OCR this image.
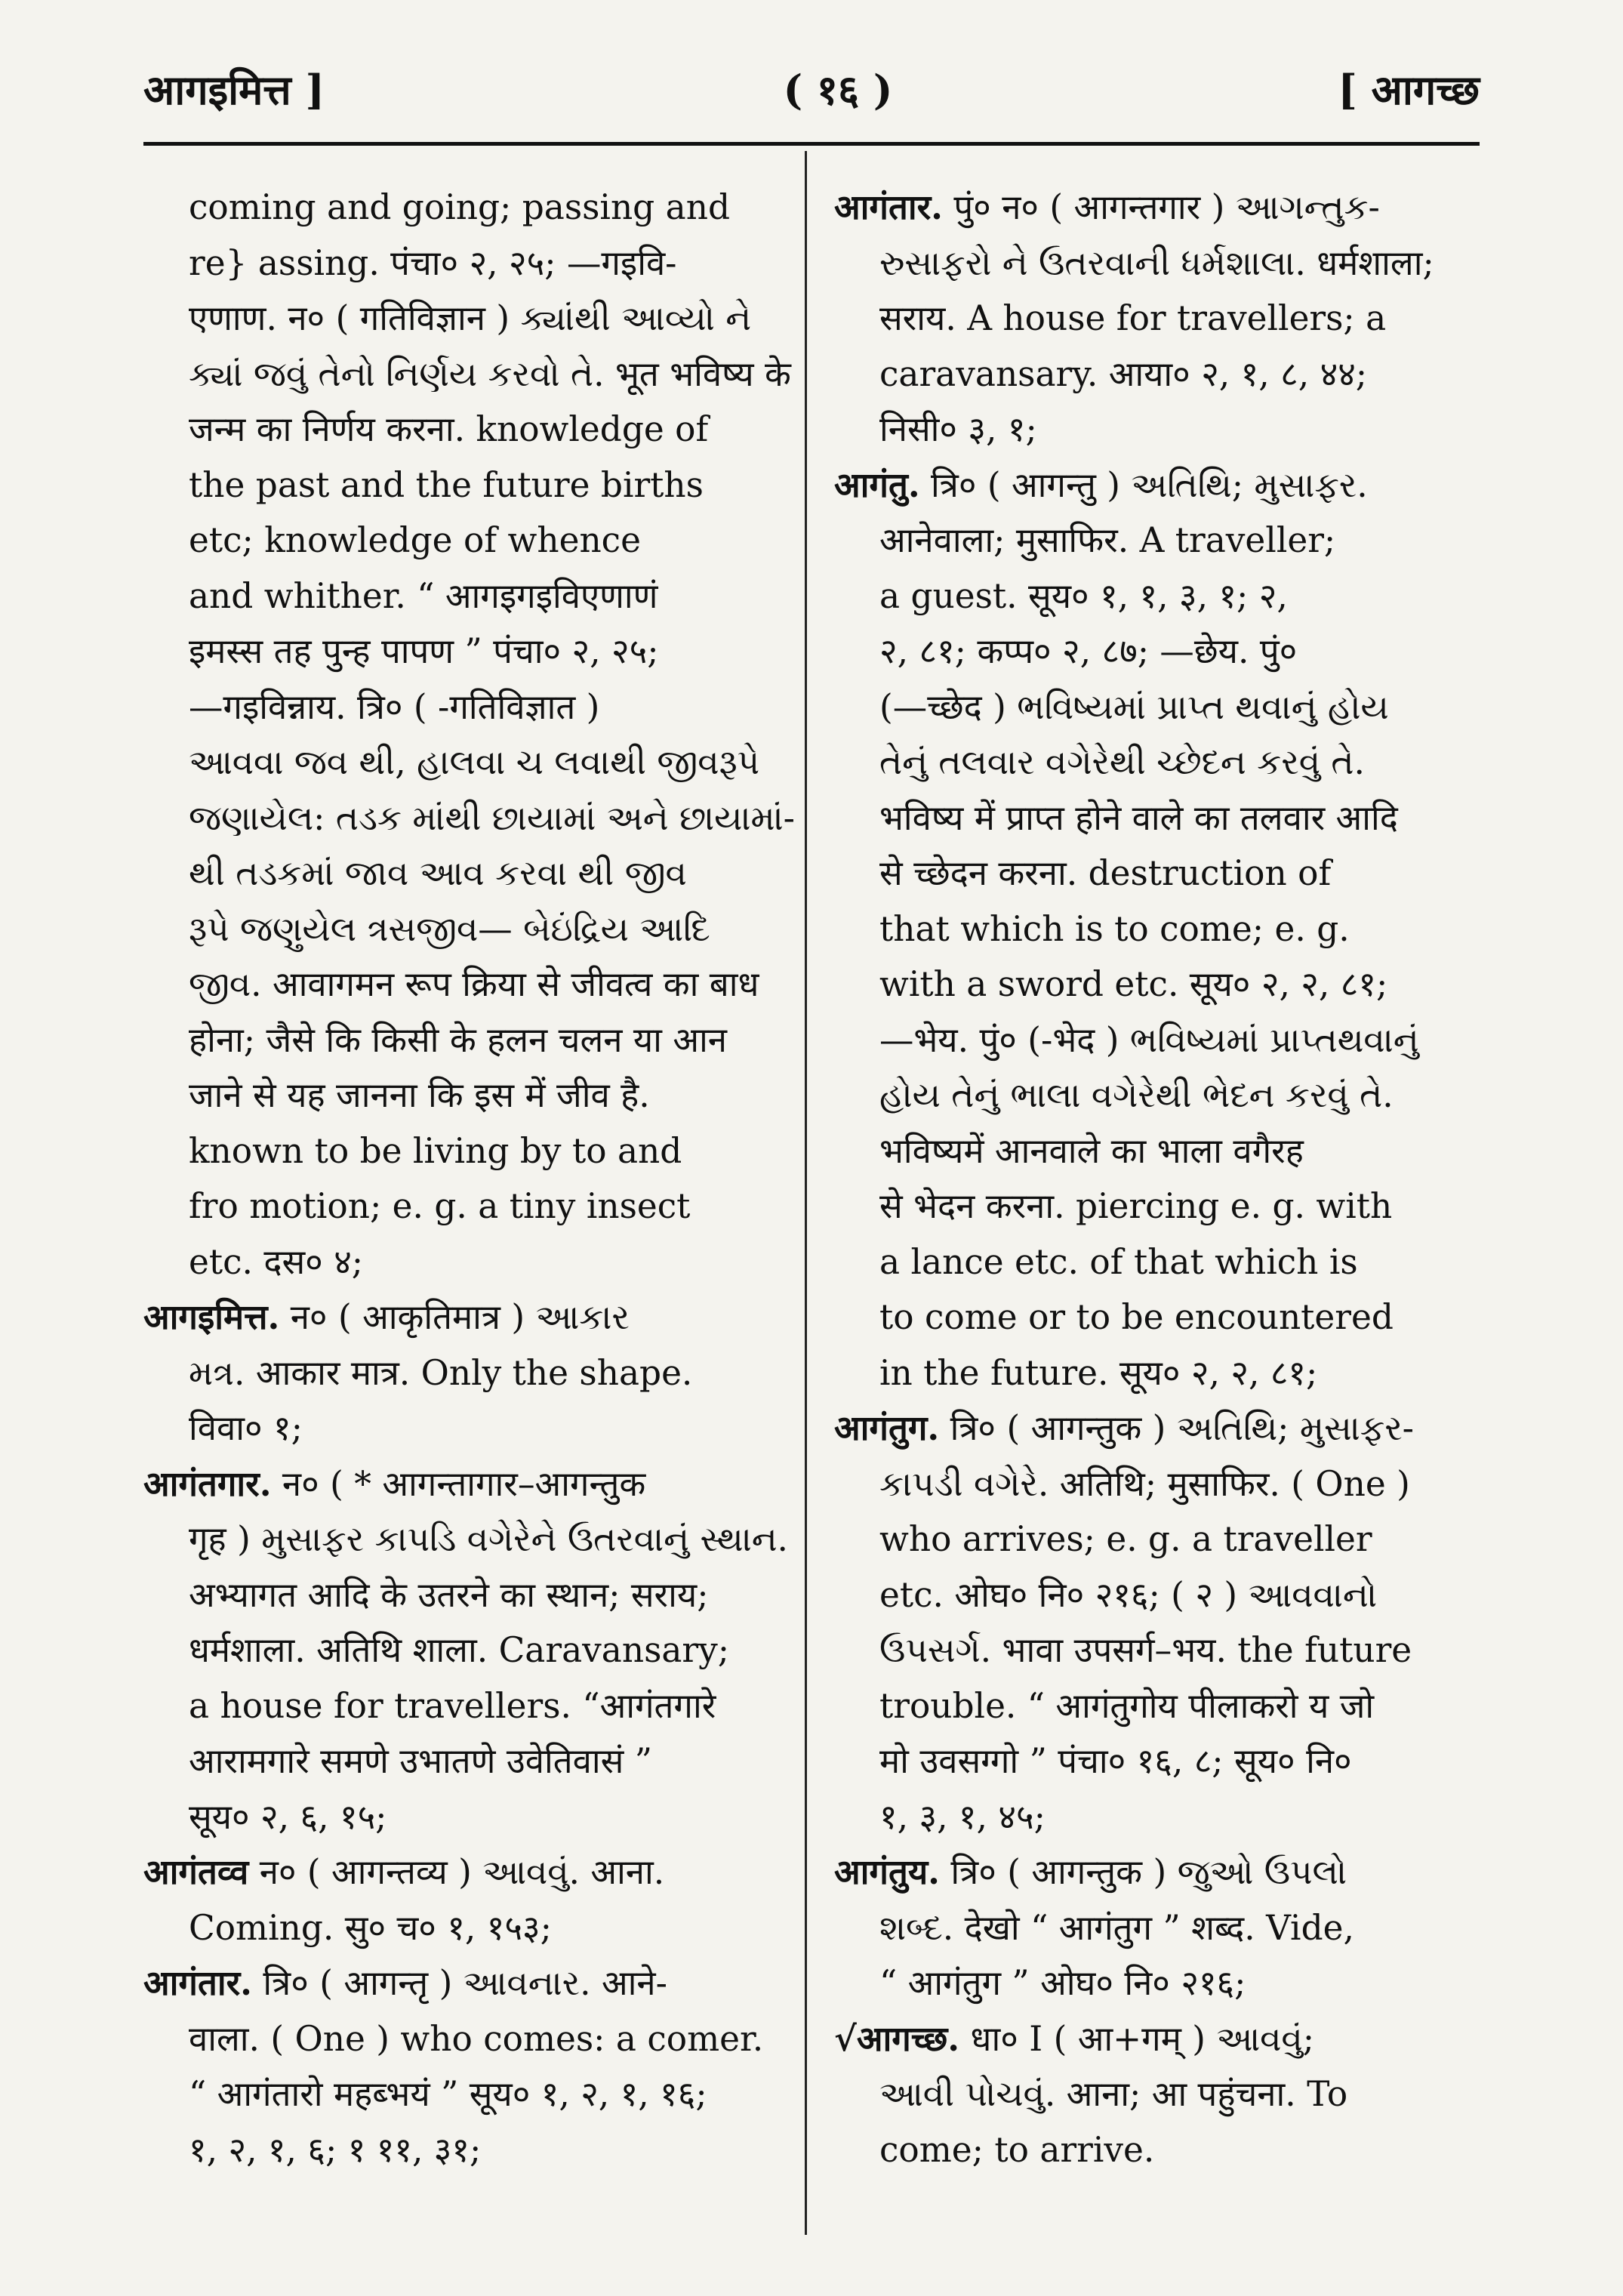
आगइमित्त ]	( १६ )	[ आगच्छ
coming and going; passing and
re} assing. पंचा० २, २५; —गइवि-
एणाण. न० ( गतिविज्ञान ) ક્યાંથી આવ્યો ને
ક્યાં જવું તેનો નિર્ણય કરવો તે. भूत भविष्य के
जन्म का निर्णय करना. knowledge of
the past and the future births
etc; knowledge of whence
and whither. “ आगइगइविएणाणं
इमस्स तह पुन्ह पापण ” पंचा० २, २५;
—गइविन्नाय. त्रि० ( -गतिविज्ञात )
આવવા જવ થી, હાલવા ચ લવાથી જીવરૂપે
જણાયેલ: તડક માંથી છાયામાં અને છાયામાં-
થી તડકમાં જાવ આવ કરવા થી જીવ
રૂપે જણુયેલ ત્રસજીવ— બેઇંદ્રિય આદિ
જીવ. आवागमन रूप क्रिया से जीवत्व का बाध
होना; जैसे कि किसी के हलन चलन या आन
जाने से यह जानना कि इस में जीव है.
known to be living by to and
fro motion; e. g. a tiny insect
etc. दस० ४;
आगइमित्त. न० ( आकृतिमात्र ) આકાર
મત્ર. आकार मात्र. Only the shape.
विवा० १;
आगंतगार. न० ( * आगन्तागार–आगन्तुक
गृह ) મુસાફર કાપડિ વગેરેને ઉતરવાનું સ્થાન.
अभ्यागत आदि के उतरने का स्थान; सराय;
धर्मशाला. अतिथि शाला. Caravansary;
a house for travellers. “आगंतगारे
आरामगारे समणे उभातणे उवेतिवासं ”
सूय० २, ६, १५;
आगंतव्व न० ( आगन्तव्य ) આવવું. आना.
Coming. सु० च० १, १५३;
आगंतार. त्रि० ( आगन्तृ ) આવનાર. आने-
वाला. ( One ) who comes: a comer.
“ आगंतारो महब्भयं ” सूय० १, २, १, १६;
१, २, १, ६; १ ११, ३१;
आगंतार. पुं० न० ( आगन्तगार ) આગન્તુક-
રુસાફરો ને ઉતરવાની ધર્મશાલા. धर्मशाला;
सराय. A house for travellers; a
caravansary. आया० २, १, ८, ४४;
निसी० ३, १;
आगंतु. त्रि० ( आगन्तु ) અતિથિ; મુસાફર.
आनेवाला; मुसाफिर. A traveller;
a guest. सूय० १, १, ३, १; २,
२, ८१; कप्प० २, ८७; —छेय. पुं०
(—च्छेद ) ભવિષ્યમાં પ્રાપ્ત થવાનું હોય
તેનું તલવાર વગેરેથી ચ્છેદન કરવું તે.
भविष्य में प्राप्त होने वाले का तलवार आदि
से च्छेदन करना. destruction of
that which is to come; e. g.
with a sword etc. सूय० २, २, ८१;
—भेय. पुं० (-भेद ) ભવિષ્યમાં પ્રાપ્તથવાનું
હોય તેનું ભાલા વગેરેથી ભેદન કરવું તે.
भविष्यमें आनवाले का भाला वगैरह
से भेदन करना. piercing e. g. with
a lance etc. of that which is
to come or to be encountered
in the future. सूय० २, २, ८१;
आगंतुग. त्रि० ( आगन्तुक ) અતિથિ; મુસાફર-
કાપડી વગેરે. अतिथि; मुसाफिर. ( One )
who arrives; e. g. a traveller
etc. ओघ० नि० २१६; ( २ ) આવવાનો
ઉપસર્ગ. भावा उपसर्ग–भय. the future
trouble. “ आगंतुगोय पीलाकरो य जो
मो उवसग्गो ” पंचा० १६, ८; सूय० नि०
१, ३, १, ४५;
आगंतुय. त्रि० ( आगन्तुक ) જુઓ ઉપલો
શબ્દ. देखो “ आगंतुग ” शब्द. Vide,
“ आगंतुग ” ओघ० नि० २१६;
√आगच्छ. धा० I ( आ+गम् ) આવવું;
આવી પોચવું. आना; आ पहुंचना. To
come; to arrive.
